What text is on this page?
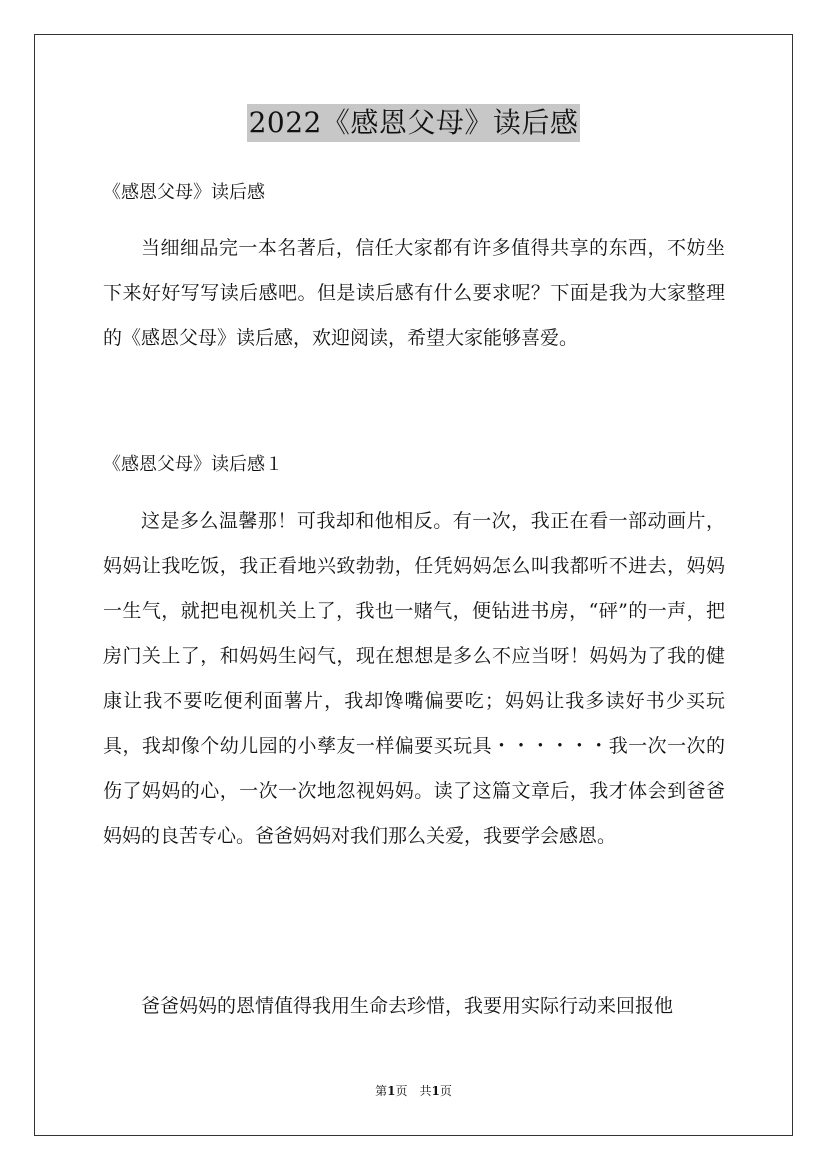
2022《感恩父母》读后感
《感恩父母》读后感

当细细品完一本名著后，信任大家都有许多值得共享的东西，不妨坐下来好好写写读后感吧。但是读后感有什么要求呢？下面是我为大家整理的《感恩父母》读后感，欢迎阅读，希望大家能够喜爱。

《感恩父母》读后感１

这是多么温馨那！可我却和他相反。有一次，我正在看一部动画片，妈妈让我吃饭，我正看地兴致勃勃，任凭妈妈怎么叫我都听不进去，妈妈一生气，就把电视机关上了，我也一赌气，便钻进书房，“砰”的一声，把房门关上了，和妈妈生闷气，现在想想是多么不应当呀！妈妈为了我的健康让我不要吃便利面薯片，我却馋嘴偏要吃；妈妈让我多读好书少买玩具，我却像个幼儿园的小孳友一样偏要买玩具・・・・・・我一次一次的伤了妈妈的心，一次一次地忽视妈妈。读了这篇文章后，我才体会到爸爸妈妈的良苦专心。爸爸妈妈对我们那么关爱，我要学会感恩。

爸爸妈妈的恩情值得我用生命去珍惜，我要用实际行动来回报他

第1页　共1页
